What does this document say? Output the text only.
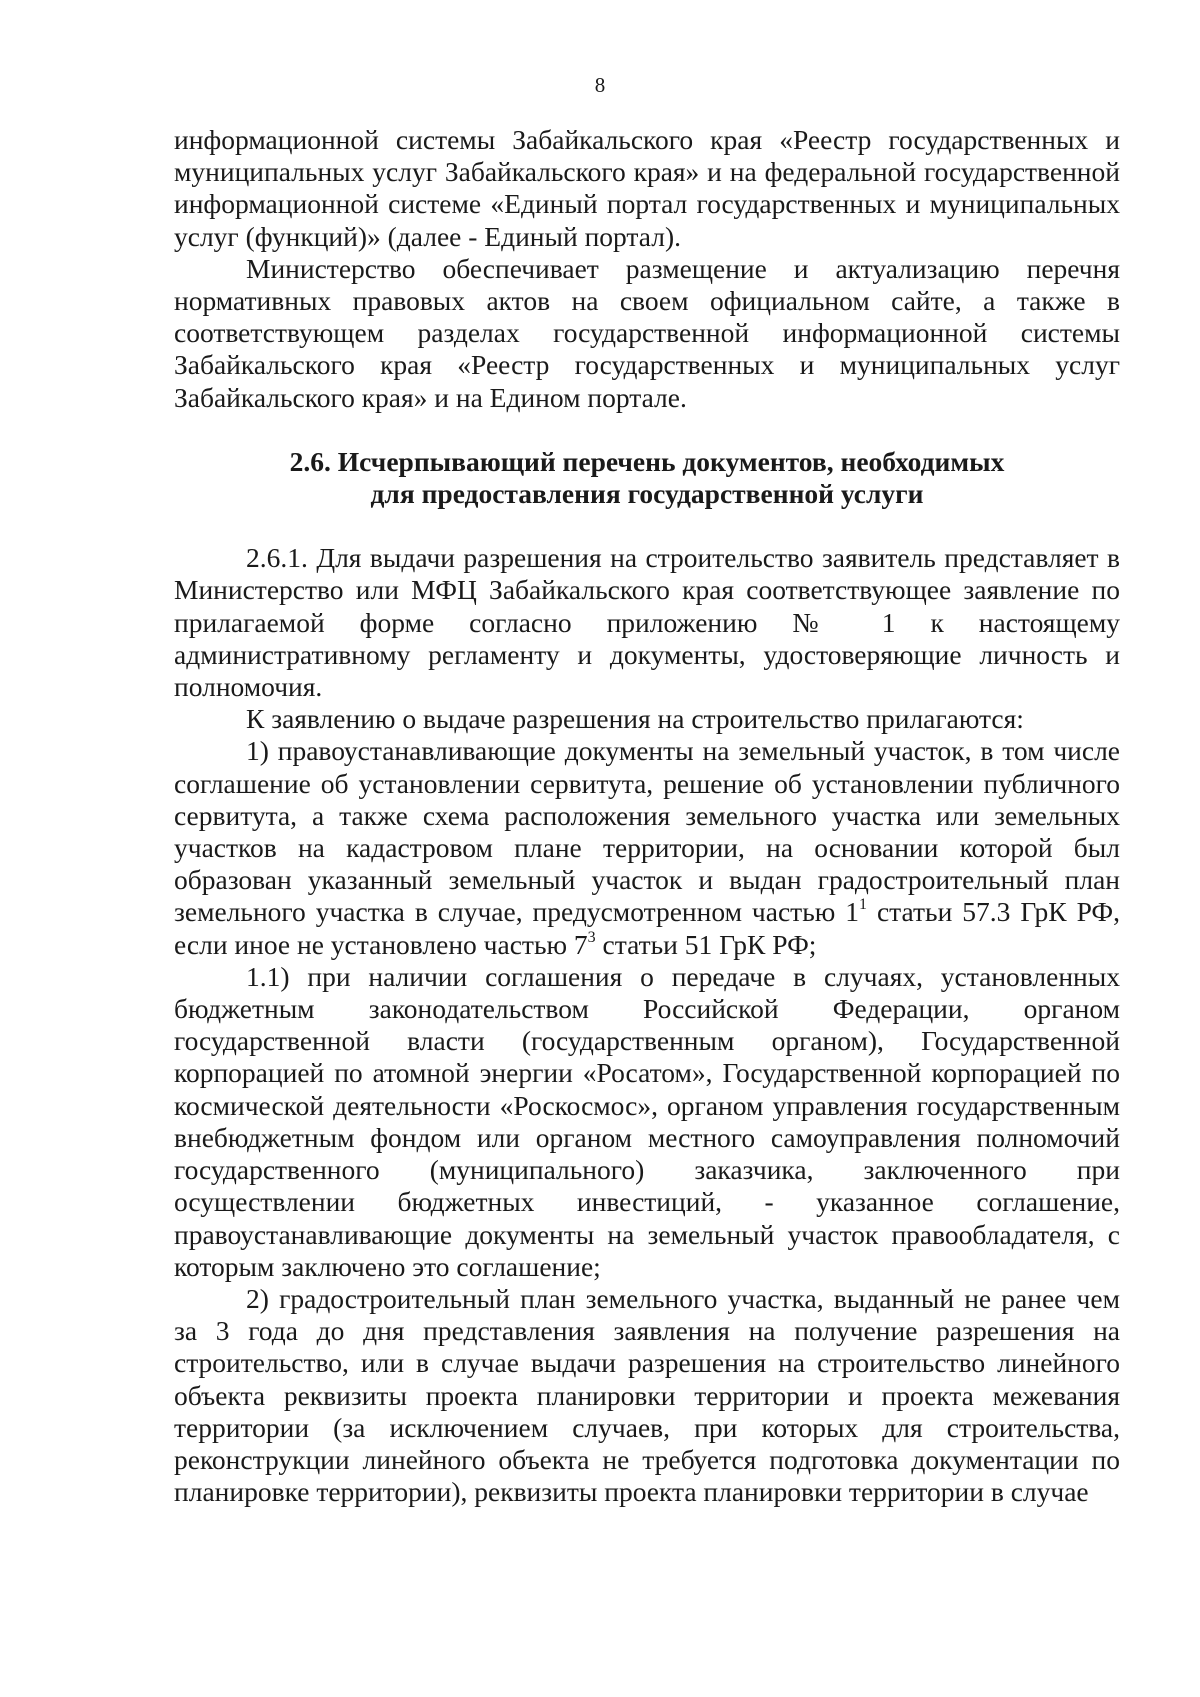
8

информационной системы Забайкальского края «Реестр государственных и муниципальных услуг Забайкальского края» и на федеральной государственной информационной системе «Единый портал государственных и муниципальных услуг (функций)» (далее - Единый портал).

Министерство обеспечивает размещение и актуализацию перечня нормативных правовых актов на своем официальном сайте, а также в соответствующем разделах государственной информационной системы Забайкальского края «Реестр государственных и муниципальных услуг Забайкальского края» и на Едином портале.

2.6. Исчерпывающий перечень документов, необходимых
для предоставления государственной услуги

2.6.1. Для выдачи разрешения на строительство заявитель представляет в Министерство или МФЦ Забайкальского края соответствующее заявление по прилагаемой форме согласно приложению № 1 к настоящему административному регламенту и документы, удостоверяющие личность и полномочия.

К заявлению о выдаче разрешения на строительство прилагаются:

1) правоустанавливающие документы на земельный участок, в том числе соглашение об установлении сервитута, решение об установлении публичного сервитута, а также схема расположения земельного участка или земельных участков на кадастровом плане территории, на основании которой был образован указанный земельный участок и выдан градостроительный план земельного участка в случае, предусмотренном частью $1^1$ статьи 57.3 ГрК РФ, если иное не установлено частью $7^3$ статьи 51 ГрК РФ;

1.1) при наличии соглашения о передаче в случаях, установленных бюджетным законодательством Российской Федерации, органом государственной власти (государственным органом), Государственной корпорацией по атомной энергии «Росатом», Государственной корпорацией по космической деятельности «Роскосмос», органом управления государственным внебюджетным фондом или органом местного самоуправления полномочий государственного (муниципального) заказчика, заключенного при осуществлении бюджетных инвестиций, - указанное соглашение, правоустанавливающие документы на земельный участок правообладателя, с которым заключено это соглашение;

2) градостроительный план земельного участка, выданный не ранее чем за 3 года до дня представления заявления на получение разрешения на строительство, или в случае выдачи разрешения на строительство линейного объекта реквизиты проекта планировки территории и проекта межевания территории (за исключением случаев, при которых для строительства, реконструкции линейного объекта не требуется подготовка документации по планировке территории), реквизиты проекта планировки территории в случае
